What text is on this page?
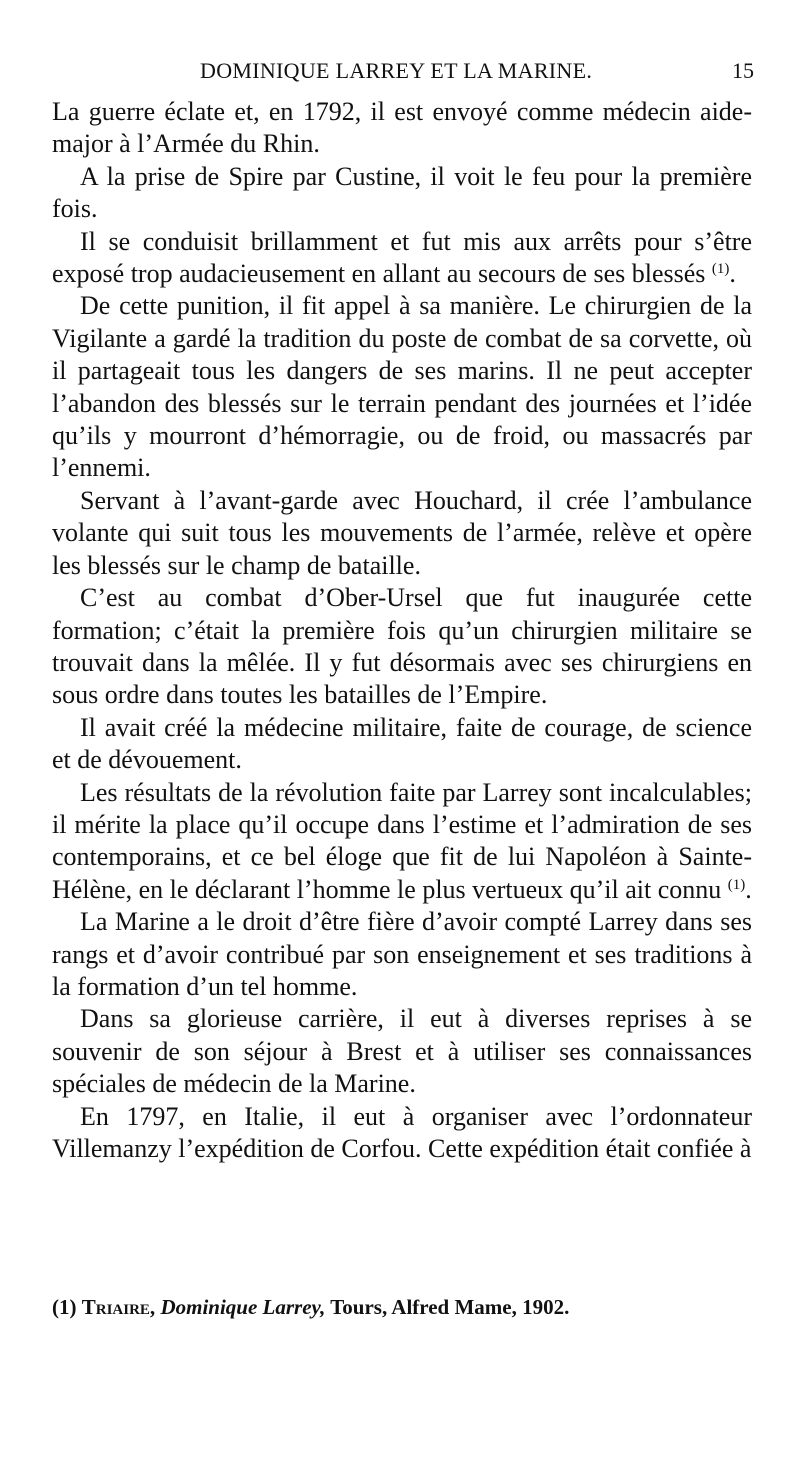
DOMINIQUE LARREY ET LA MARINE.	15

La guerre éclate et, en 1792, il est envoyé comme médecin aide-major à l’Armée du Rhin.

A la prise de Spire par Custine, il voit le feu pour la première fois.

Il se conduisit brillamment et fut mis aux arrêts pour s’être exposé trop audacieusement en allant au secours de ses blessés $^{(1)}$.

De cette punition, il fit appel à sa manière. Le chirurgien de la Vigilante a gardé la tradition du poste de combat de sa corvette, où il partageait tous les dangers de ses marins. Il ne peut accepter l’abandon des blessés sur le terrain pendant des journées et l’idée qu’ils y mourront d’hémorragie, ou de froid, ou massacrés par l’ennemi.

Servant à l’avant-garde avec Houchard, il crée l’ambulance volante qui suit tous les mouvements de l’armée, relève et opère les blessés sur le champ de bataille.

C’est au combat d’Ober-Ursel que fut inaugurée cette formation; c’était la première fois qu’un chirurgien militaire se trouvait dans la mêlée. Il y fut désormais avec ses chirurgiens en sous ordre dans toutes les batailles de l’Empire.

Il avait créé la médecine militaire, faite de courage, de science et de dévouement.

Les résultats de la révolution faite par Larrey sont incalculables; il mérite la place qu’il occupe dans l’estime et l’admiration de ses contemporains, et ce bel éloge que fit de lui Napoléon à Sainte-Hélène, en le déclarant l’homme le plus vertueux qu’il ait connu $^{(1)}$.

La Marine a le droit d’être fière d’avoir compté Larrey dans ses rangs et d’avoir contribué par son enseignement et ses traditions à la formation d’un tel homme.

Dans sa glorieuse carrière, il eut à diverses reprises à se souvenir de son séjour à Brest et à utiliser ses connaissances spéciales de médecin de la Marine.

En 1797, en Italie, il eut à organiser avec l’ordonnateur Villemanzy l’expédition de Corfou. Cette expédition était confiée à

(1) Triaire, Dominique Larrey, Tours, Alfred Mame, 1902.
